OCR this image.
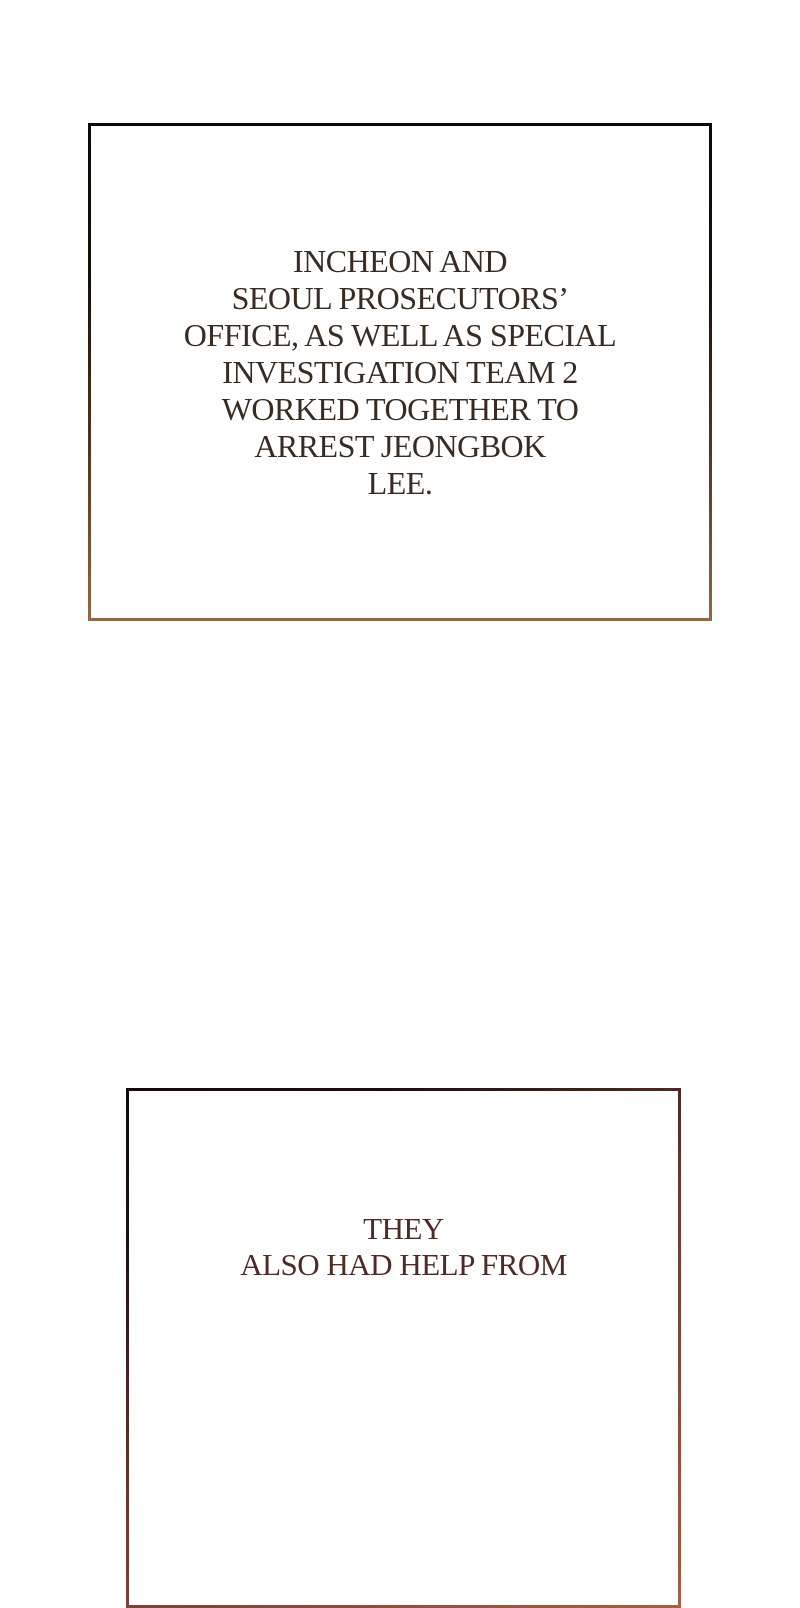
INCHEON AND
SEOUL PROSECUTORS’
OFFICE, AS WELL AS SPECIAL
INVESTIGATION TEAM 2
WORKED TOGETHER TO
ARREST JEONGBOK
LEE.

THEY
ALSO HAD HELP FROM
